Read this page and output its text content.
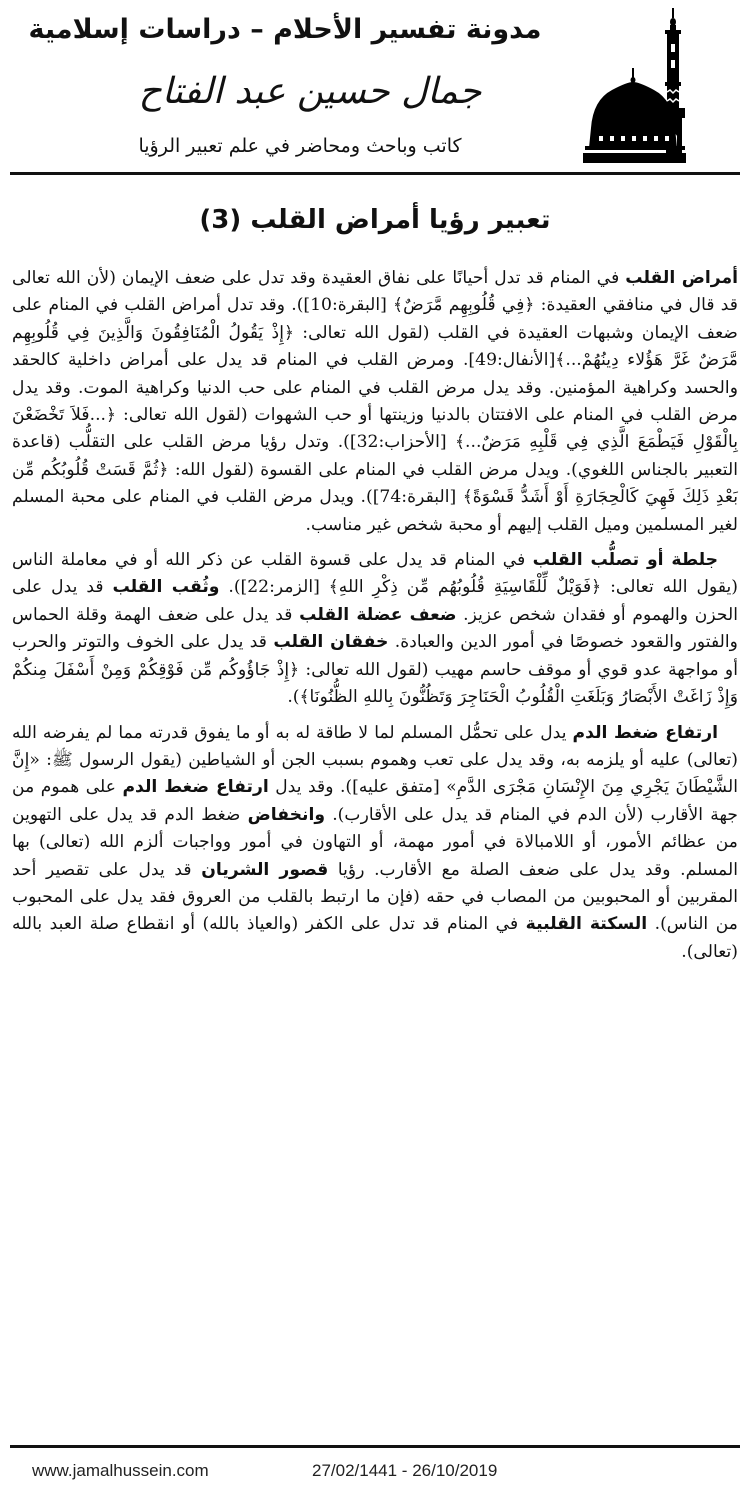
مدونة تفسير الأحلام – دراسات إسلامية
جمال حسين عبد الفتاح
كاتب وباحث ومحاضر في علم تعبير الرؤيا
تعبير رؤيا أمراض القلب (3)

أمراض القلب في المنام قد تدل أحيانًا على نفاق العقيدة وقد تدل على ضعف الإيمان (لأن الله تعالى قد قال في منافقي العقيدة: ﴿فِي قُلُوبِهِم مَّرَضٌ﴾ [البقرة:10]). وقد تدل أمراض القلب في المنام على ضعف الإيمان وشبهات العقيدة في القلب (لقول الله تعالى: ﴿إِذْ يَقُولُ الْمُنَافِقُونَ وَالَّذِينَ فِي قُلُوبِهِم مَّرَضٌ غَرَّ هَؤُلاء دِينُهُمْ...﴾[الأنفال:49]. ومرض القلب في المنام قد يدل على أمراض داخلية كالحقد والحسد وكراهية المؤمنين. وقد يدل مرض القلب في المنام على حب الدنيا وكراهية الموت. وقد يدل مرض القلب في المنام على الافتتان بالدنيا وزينتها أو حب الشهوات (لقول الله تعالى: ﴿...فَلاَ تَخْضَعْنَ بِالْقَوْلِ فَيَطْمَعَ الَّذِي فِي قَلْبِهِ مَرَضٌ...﴾ [الأحزاب:32]). وتدل رؤيا مرض القلب على التقلُّب (قاعدة التعبير بالجناس اللغوي). ويدل مرض القلب في المنام على القسوة (لقول الله: ﴿ثُمَّ قَسَتْ قُلُوبُكُم مِّن بَعْدِ ذَلِكَ فَهِيَ كَالْحِجَارَةِ أَوْ أَشَدُّ قَسْوَةً﴾ [البقرة:74]). ويدل مرض القلب في المنام على محبة المسلم لغير المسلمين وميل القلب إليهم أو محبة شخص غير مناسب.

جلطة أو تصلُّب القلب في المنام قد يدل على قسوة القلب عن ذكر الله أو في معاملة الناس (يقول الله تعالى: ﴿فَوَيْلٌ لِّلْقَاسِيَةِ قُلُوبُهُم مِّن ذِكْرِ اللهِ﴾ [الزمر:22]). وثُقب القلب قد يدل على الحزن والهموم أو فقدان شخص عزيز. ضعف عضلة القلب قد يدل على ضعف الهمة وقلة الحماس والفتور والقعود خصوصًا في أمور الدين والعبادة. خفقان القلب قد يدل على الخوف والتوتر والحرب أو مواجهة عدو قوي أو موقف حاسم مهيب (لقول الله تعالى: ﴿إِذْ جَاؤُوكُم مِّن فَوْقِكُمْ وَمِنْ أَسْفَلَ مِنكُمْ وَإِذْ زَاغَتْ الأَبْصَارُ وَبَلَغَتِ الْقُلُوبُ الْحَنَاجِرَ وَتَظُنُّونَ بِاللهِ الظُّنُونَا﴾).

ارتفاع ضغط الدم يدل على تحمُّل المسلم لما لا طاقة له به أو ما يفوق قدرته مما لم يفرضه الله (تعالى) عليه أو يلزمه به، وقد يدل على تعب وهموم بسبب الجن أو الشياطين (يقول الرسول ﷺ: «إِنَّ الشَّيْطَانَ يَجْرِي مِنَ الإِنْسَانِ مَجْرَى الدَّمِ» [متفق عليه]). وقد يدل ارتفاع ضغط الدم على هموم من جهة الأقارب (لأن الدم في المنام قد يدل على الأقارب). وانخفاض ضغط الدم قد يدل على التهوين من عظائم الأمور، أو اللامبالاة في أمور مهمة، أو التهاون في أمور وواجبات ألزم الله (تعالى) بها المسلم. وقد يدل على ضعف الصلة مع الأقارب. رؤيا قصور الشريان قد يدل على تقصير أحد المقربين أو المحبوبين من المصاب في حقه (فإن ما ارتبط بالقلب من العروق فقد يدل على المحبوب من الناس). السكتة القلبية في المنام قد تدل على الكفر (والعياذ بالله) أو انقطاع صلة العبد بالله (تعالى).

www.jamalhussein.com	27/02/1441 - 26/10/2019
